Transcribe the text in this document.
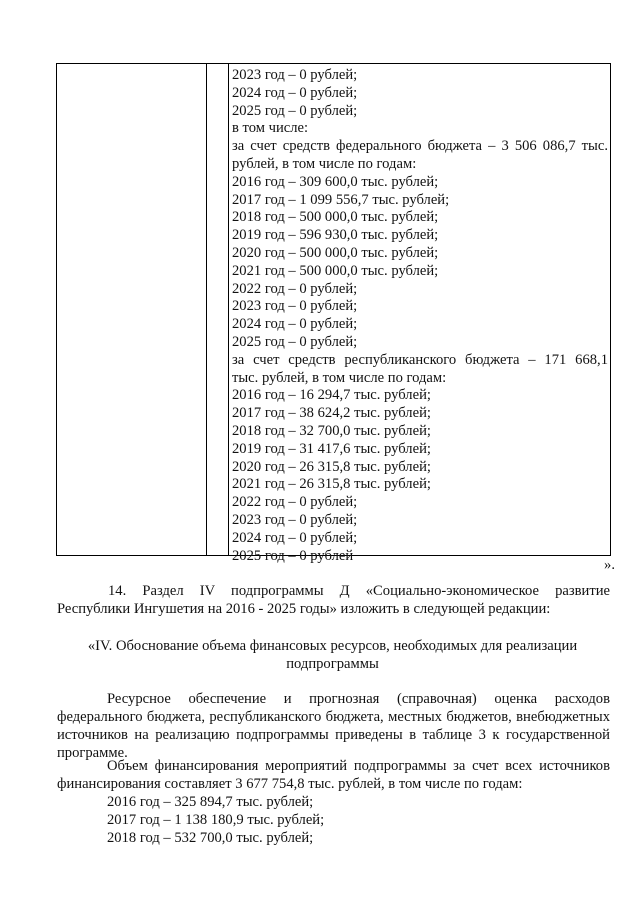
2023 год – 0 рублей;
2024 год – 0 рублей;
2025 год – 0 рублей;
в том числе:
за счет средств федерального бюджета – 3 506 086,7 тыс.
рублей, в том числе по годам:
2016 год – 309 600,0 тыс. рублей;
2017 год – 1 099 556,7 тыс. рублей;
2018 год – 500 000,0 тыс. рублей;
2019 год – 596 930,0 тыс. рублей;
2020 год – 500 000,0 тыс. рублей;
2021 год – 500 000,0 тыс. рублей;
2022 год – 0 рублей;
2023 год – 0 рублей;
2024 год – 0 рублей;
2025 год – 0 рублей;
за счет средств республиканского бюджета – 171 668,1
тыс. рублей, в том числе по годам:
2016 год – 16 294,7 тыс. рублей;
2017 год – 38 624,2 тыс. рублей;
2018 год – 32 700,0 тыс. рублей;
2019 год – 31 417,6 тыс. рублей;
2020 год – 26 315,8 тыс. рублей;
2021 год – 26 315,8 тыс. рублей;
2022 год – 0 рублей;
2023 год – 0 рублей;
2024 год – 0 рублей;
2025 год – 0 рублей
».

14. Раздел IV подпрограммы Д «Социально-экономическое развитие Республики Ингушетия на 2016 - 2025 годы» изложить в следующей редакции:

«IV. Обоснование объема финансовых ресурсов, необходимых для реализации подпрограммы

Ресурсное обеспечение и прогнозная (справочная) оценка расходов федерального бюджета, республиканского бюджета, местных бюджетов, внебюджетных источников на реализацию подпрограммы приведены в таблице 3 к государственной программе.

Объем финансирования мероприятий подпрограммы за счет всех источников финансирования составляет 3 677 754,8 тыс. рублей, в том числе по годам:

2016 год – 325 894,7 тыс. рублей;
2017 год – 1 138 180,9 тыс. рублей;
2018 год – 532 700,0 тыс. рублей;
